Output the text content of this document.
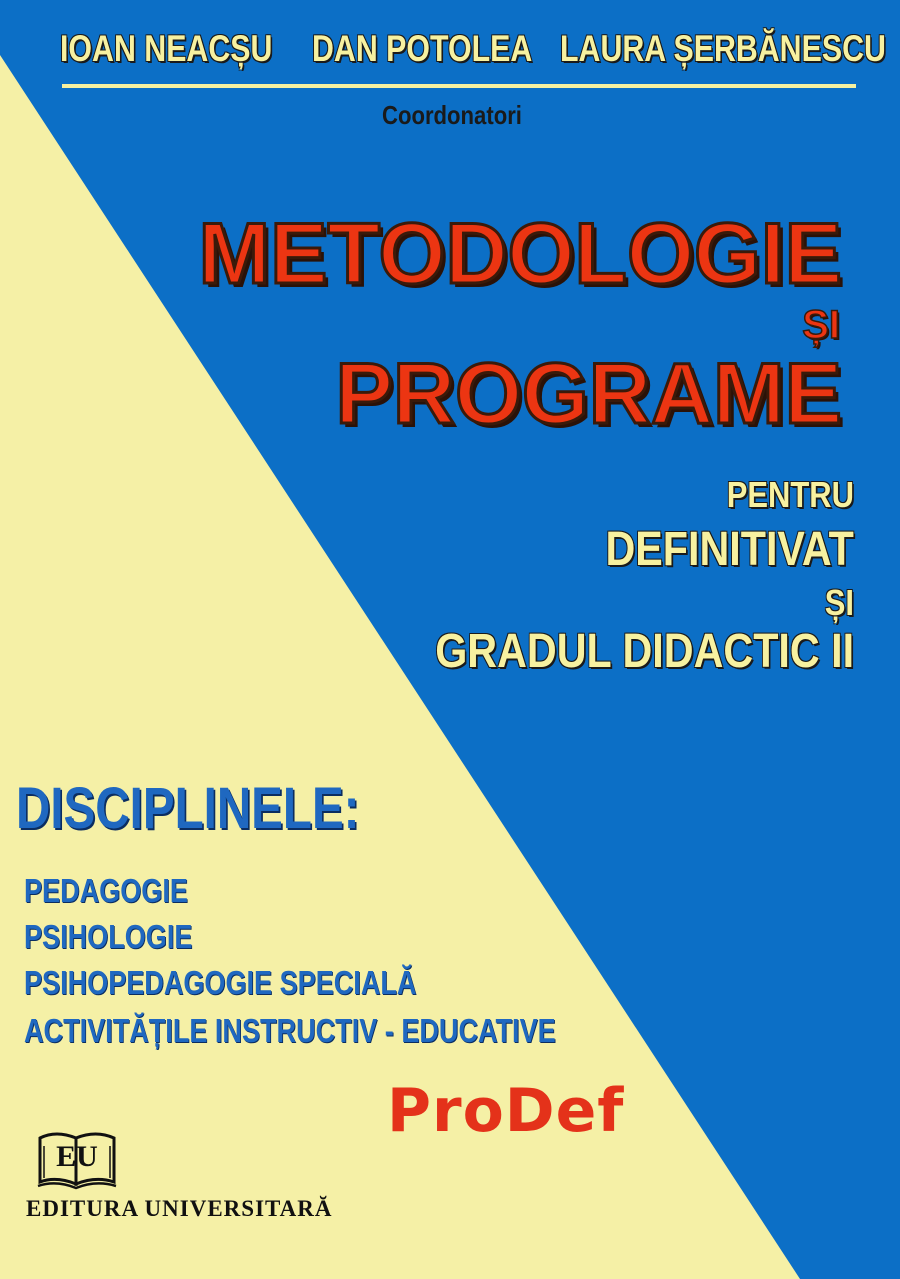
IOAN NEACȘU DAN POTOLEA LAURA ȘERBĂNESCU
Coordonatori
METODOLOGIE
ȘI
PROGRAME
PENTRU
DEFINITIVAT
ȘI
GRADUL DIDACTIC II
DISCIPLINELE:
PEDAGOGIE
PSIHOLOGIE
PSIHOPEDAGOGIE SPECIALĂ
ACTIVITĂȚILE INSTRUCTIV - EDUCATIVE
ProDef
EU
EDITURA UNIVERSITARĂ
